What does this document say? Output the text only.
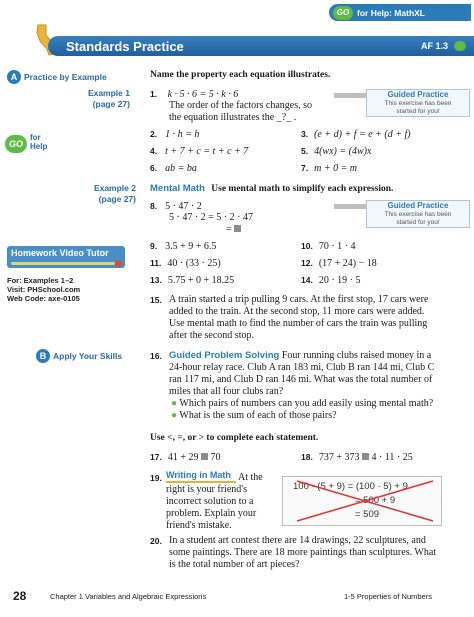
GO for Help: MathXL
Standards Practice	AF 1.3
A Practice by Example
Example 1
(page 27)
GO
for
Help
Example 2
(page 27)
Homework Video Tutor
For: Examples 1–2
Visit: PHSchool.com
Web Code: axe-0105
B Apply Your Skills
Guided Practice
This exercise has been
started for you!
Guided Practice
This exercise has been
started for you!
Name the property each equation illustrates.
1. k · 5 · 6 = 5 · k · 6
The order of the factors changes, so
the equation illustrates the _?_ .
2. 1 · h = h	3. (e + d) + f = e + (d + f)
4. t + 7 + c = t + c + 7	5. 4(wx) = (4w)x
6. ab = ba	7. m + 0 = m
Mental Math Use mental math to simplify each expression.
8. 5 · 47 · 2
5 · 47 · 2 = 5 · 2 · 47
=
9. 3.5 + 9 + 6.5	10. 70 · 1 · 4
11. 40 · (33 · 25)	12. (17 + 24) − 18
13. 5.75 + 0 + 18.25	14. 20 · 19 · 5
15. A train started a trip pulling 9 cars. At the first stop, 17 cars were
added to the train. At the second stop, 11 more cars were added.
Use mental math to find the number of cars the train was pulling
after the second stop.
16. Guided Problem Solving Four running clubs raised money in a
24-hour relay race. Club A ran 183 mi, Club B ran 144 mi, Club C
ran 117 mi, and Club D ran 146 mi. What was the total number of
miles that all four clubs ran?
● Which pairs of numbers can you add easily using mental math?
● What is the sum of each of those pairs?
Use <, =, or > to complete each statement.
17. 41 + 29 70	18. 737 + 373 4 · 11 · 25
19. Writing in Math At the
right is your friend's
incorrect solution to a
problem. Explain your
friend's mistake.
100 · (5 + 9) = (100 · 5) + 9
= 500 + 9
= 509
20. In a student art contest there are 14 drawings, 22 sculptures, and
some paintings. There are 18 more paintings than sculptures. What
is the total number of art pieces?
28	Chapter 1 Variables and Algebraic Expressions	1-5 Properties of Numbers
